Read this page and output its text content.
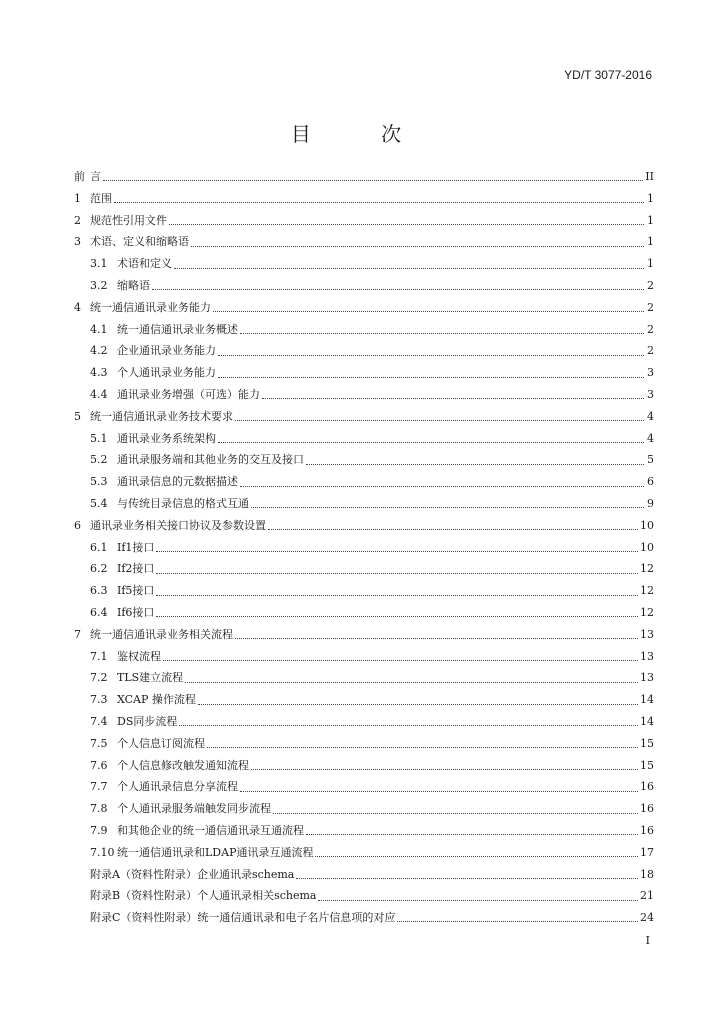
YD/T 3077-2016
目 次
前 言	II
1 范围	1
2 规范性引用文件	1
3 术语、定义和缩略语	1
3.1 术语和定义	1
3.2 缩略语	2
4 统一通信通讯录业务能力	2
4.1 统一通信通讯录业务概述	2
4.2 企业通讯录业务能力	2
4.3 个人通讯录业务能力	3
4.4 通讯录业务增强（可选）能力	3
5 统一通信通讯录业务技术要求	4
5.1 通讯录业务系统架构	4
5.2 通讯录服务端和其他业务的交互及接口	5
5.3 通讯录信息的元数据描述	6
5.4 与传统目录信息的格式互通	9
6 通讯录业务相关接口协议及参数设置	10
6.1 If1接口	10
6.2 If2接口	12
6.3 If5接口	12
6.4 If6接口	12
7 统一通信通讯录业务相关流程	13
7.1 鉴权流程	13
7.2 TLS建立流程	13
7.3 XCAP 操作流程	14
7.4 DS同步流程	14
7.5 个人信息订阅流程	15
7.6 个人信息修改触发通知流程	15
7.7 个人通讯录信息分享流程	16
7.8 个人通讯录服务端触发同步流程	16
7.9 和其他企业的统一通信通讯录互通流程	16
7.10 统一通信通讯录和LDAP通讯录互通流程	17
附录A（资料性附录）企业通讯录schema	18
附录B（资料性附录）个人通讯录相关schema	21
附录C（资料性附录）统一通信通讯录和电子名片信息项的对应	24
I
